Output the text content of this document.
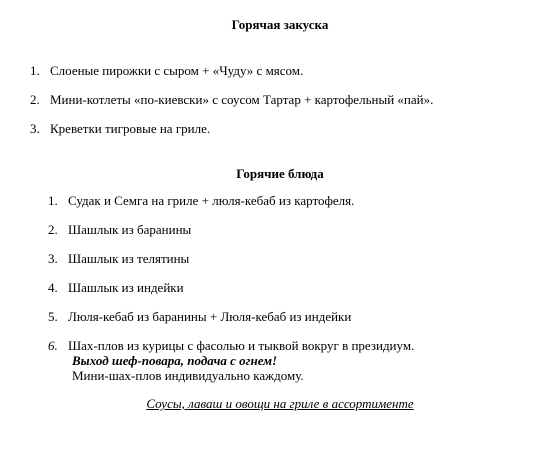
Горячая закуска
1. Слоеные пирожки с сыром + «Чуду» с мясом.
2. Мини-котлеты «по-киевски» с соусом Тартар + картофельный «пай».
3. Креветки тигровые на гриле.
Горячие блюда
1. Судак и Семга на гриле + люля-кебаб из картофеля.
2. Шашлык из баранины
3. Шашлык из телятины
4. Шашлык из индейки
5. Люля-кебаб из баранины + Люля-кебаб из индейки
6. Шах-плов из курицы с фасолью и тыквой вокруг в президиум.
Выход шеф-повара, подача с огнем!
Мини-шах-плов индивидуально каждому.
Соусы, лаваш и овощи на гриле в ассортименте
